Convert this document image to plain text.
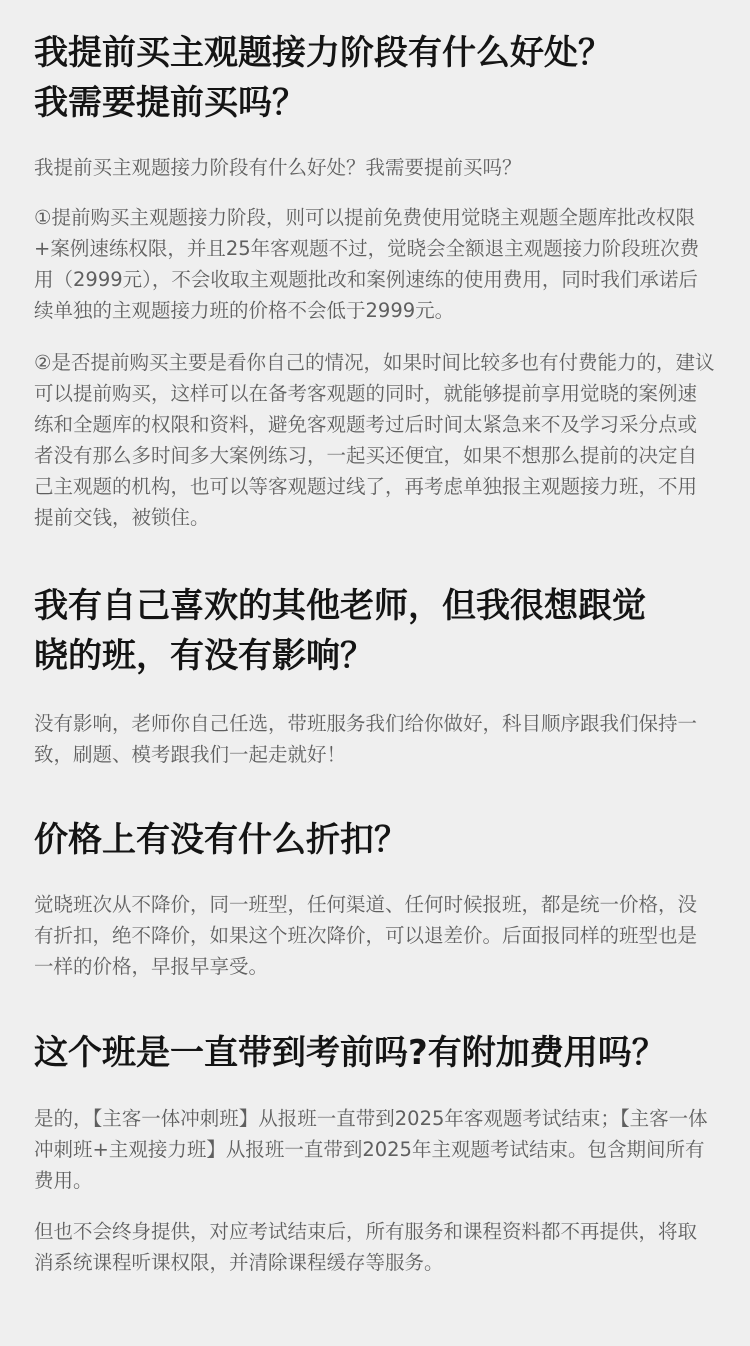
我提前买主观题接力阶段有什么好处？
我需要提前买吗？

我提前买主观题接力阶段有什么好处？我需要提前买吗？

①提前购买主观题接力阶段，则可以提前免费使用觉晓主观题全题库批改权限+案例速练权限，并且25年客观题不过，觉晓会全额退主观题接力阶段班次费用（2999元），不会收取主观题批改和案例速练的使用费用，同时我们承诺后续单独的主观题接力班的价格不会低于2999元。

②是否提前购买主要是看你自己的情况，如果时间比较多也有付费能力的，建议可以提前购买，这样可以在备考客观题的同时，就能够提前享用觉晓的案例速练和全题库的权限和资料，避免客观题考过后时间太紧急来不及学习采分点或者没有那么多时间多大案例练习，一起买还便宜，如果不想那么提前的决定自己主观题的机构，也可以等客观题过线了，再考虑单独报主观题接力班，不用提前交钱，被锁住。

我有自己喜欢的其他老师，但我很想跟觉
晓的班，有没有影响？

没有影响，老师你自己任选，带班服务我们给你做好，科目顺序跟我们保持一致，刷题、模考跟我们一起走就好！

价格上有没有什么折扣？

觉晓班次从不降价，同一班型，任何渠道、任何时候报班，都是统一价格，没有折扣，绝不降价，如果这个班次降价，可以退差价。后面报同样的班型也是一样的价格，早报早享受。

这个班是一直带到考前吗?有附加费用吗？

是的，【主客一体冲刺班】从报班一直带到2025年客观题考试结束；【主客一体冲刺班+主观接力班】从报班一直带到2025年主观题考试结束。包含期间所有费用。

但也不会终身提供，对应考试结束后，所有服务和课程资料都不再提供，将取消系统课程听课权限，并清除课程缓存等服务。
